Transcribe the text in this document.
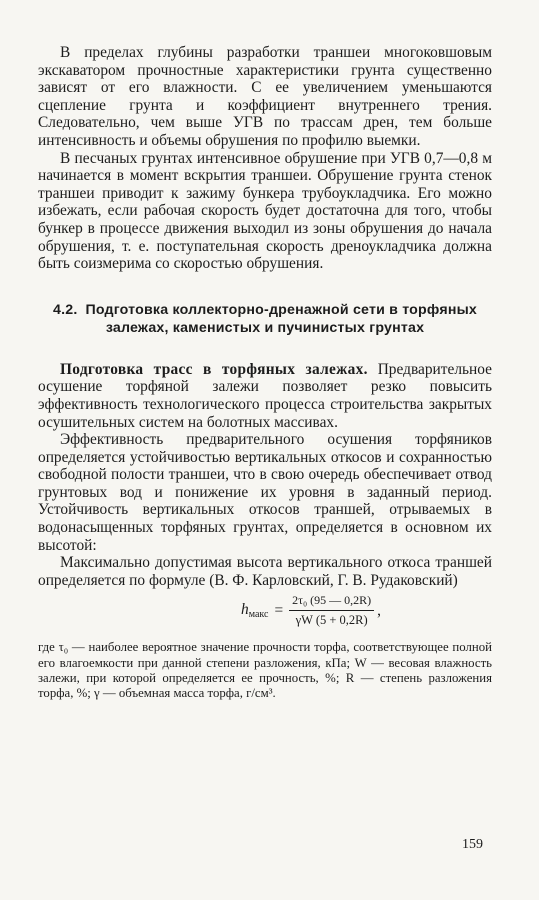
В пределах глубины разработки траншеи многоковшовым экскаватором прочностные характеристики грунта существенно зависят от его влажности. С ее увеличением уменьшаются сцепление грунта и коэффициент внутреннего трения. Следовательно, чем выше УГВ по трассам дрен, тем больше интенсивность и объемы обрушения по профилю выемки.

В песчаных грунтах интенсивное обрушение при УГВ 0,7—0,8 м начинается в момент вскрытия траншеи. Обрушение грунта стенок траншеи приводит к зажиму бункера трубоукладчика. Его можно избежать, если рабочая скорость будет достаточна для того, чтобы бункер в процессе движения выходил из зоны обрушения до начала обрушения, т. е. поступательная скорость дреноукладчика должна быть соизмерима со скоростью обрушения.

4.2. Подготовка коллекторно-дренажной сети в торфяных залежах, каменистых и пучинистых грунтах

Подготовка трасс в торфяных залежах. Предварительное осушение торфяной залежи позволяет резко повысить эффективность технологического процесса строительства закрытых осушительных систем на болотных массивах.

Эффективность предварительного осушения торфяников определяется устойчивостью вертикальных откосов и сохранностью свободной полости траншеи, что в свою очередь обеспечивает отвод грунтовых вод и понижение их уровня в заданный период. Устойчивость вертикальных откосов траншей, отрываемых в водонасыщенных торфяных грунтах, определяется в основном их высотой:

Максимально допустимая высота вертикального откоса траншей определяется по формуле (В. Ф. Карловский, Г. В. Рудаковский)

$h_{макс} = \frac{\text{2τ₀ (95 — 0,2R)}}{\gamma W (5 + 0,2R)}$ ,

где τ₀ — наиболее вероятное значение прочности торфа, соответствующее полной его влагоемкости при данной степени разложения, кПа; W — весовая влажность залежи, при которой определяется ее прочность, %; R — степень разложения торфа, %; γ — объемная масса торфа, г/см³.

159
